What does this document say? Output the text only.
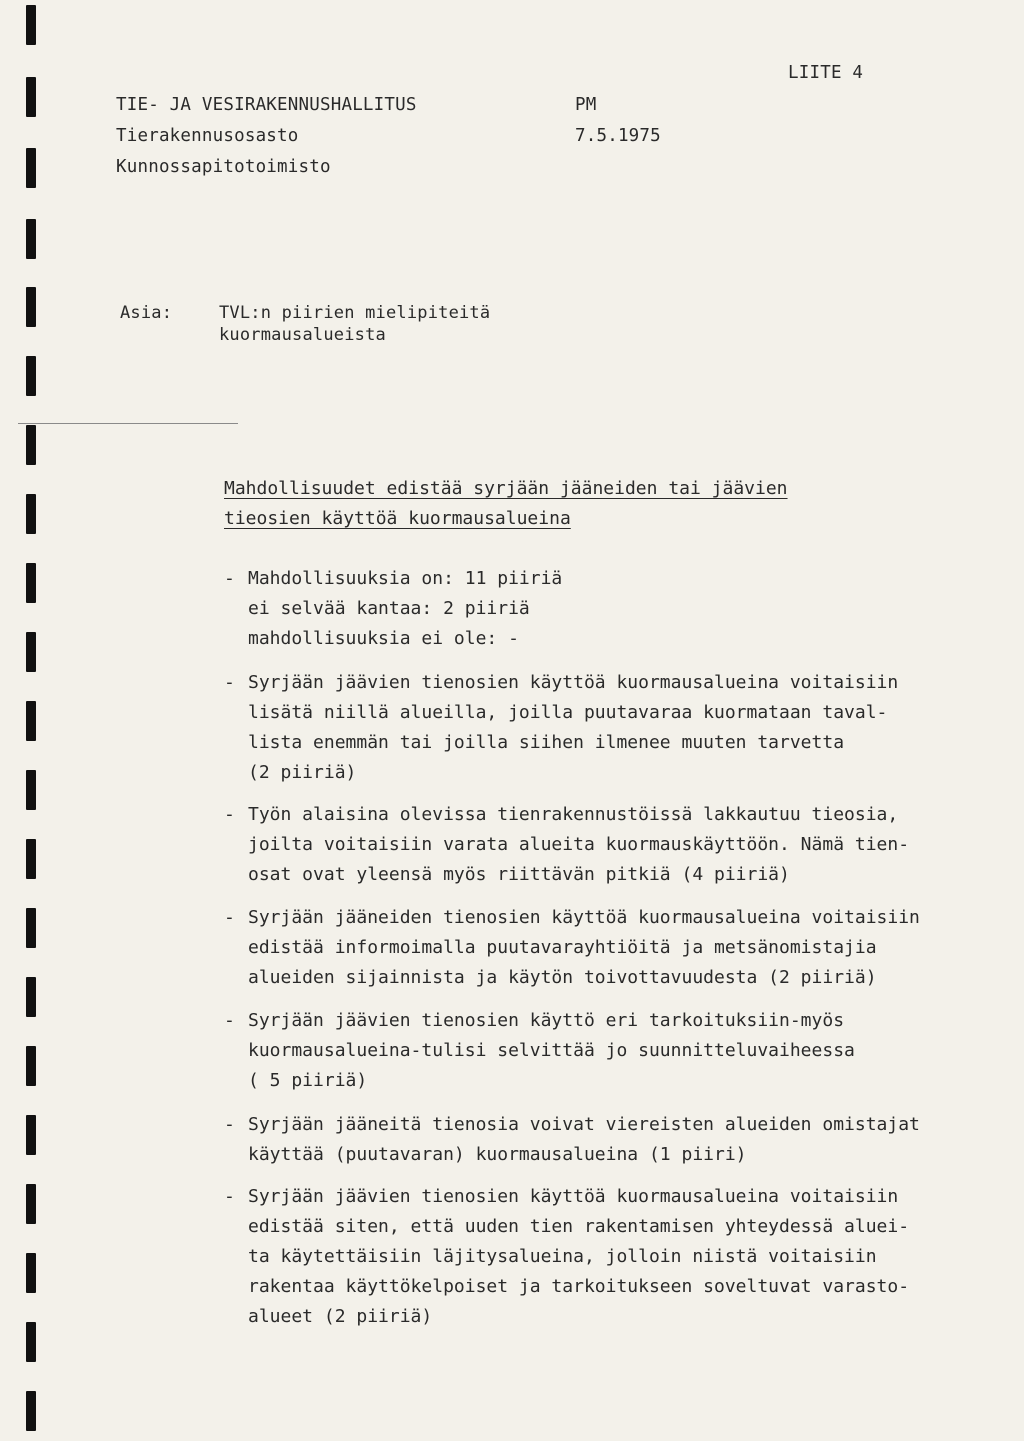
LIITE 4
TIE- JA VESIRAKENNUSHALLITUS
Tierakennusosasto
Kunnossapitotoimisto
PM
7.5.1975
Asia:	TVL:n piirien mielipiteitä
kuormausalueista
Mahdollisuudet edistää syrjään jääneiden tai jäävien
tieosien käyttöä kuormausalueina
- Mahdollisuuksia on: 11 piiriä
ei selvää kantaa: 2 piiriä
mahdollisuuksia ei ole: -
- Syrjään jäävien tienosien käyttöä kuormausalueina voitaisiin
lisätä niillä alueilla, joilla puutavaraa kuormataan taval-
lista enemmän tai joilla siihen ilmenee muuten tarvetta
(2 piiriä)
- Työn alaisina olevissa tienrakennustöissä lakkautuu tieosia,
joilta voitaisiin varata alueita kuormauskäyttöön. Nämä tien-
osat ovat yleensä myös riittävän pitkiä (4 piiriä)
- Syrjään jääneiden tienosien käyttöä kuormausalueina voitaisiin
edistää informoimalla puutavarayhtiöitä ja metsänomistajia
alueiden sijainnista ja käytön toivottavuudesta (2 piiriä)
- Syrjään jäävien tienosien käyttö eri tarkoituksiin-myös
kuormausalueina-tulisi selvittää jo suunnitteluvaiheessa
( 5 piiriä)
- Syrjään jääneitä tienosia voivat viereisten alueiden omistajat
käyttää (puutavaran) kuormausalueina (1 piiri)
- Syrjään jäävien tienosien käyttöä kuormausalueina voitaisiin
edistää siten, että uuden tien rakentamisen yhteydessä aluei-
ta käytettäisiin läjitysalueina, jolloin niistä voitaisiin
rakentaa käyttökelpoiset ja tarkoitukseen soveltuvat varasto-
alueet (2 piiriä)
